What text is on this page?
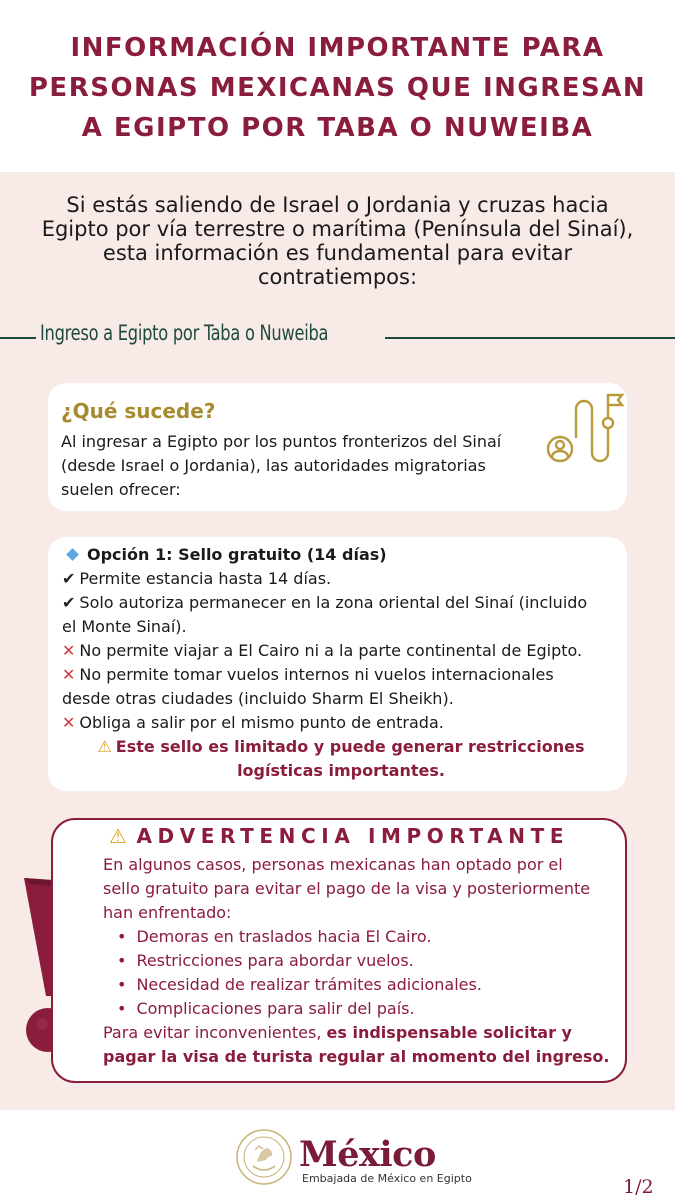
INFORMACIÓN IMPORTANTE PARA
PERSONAS MEXICANAS QUE INGRESAN
A EGIPTO POR TABA O NUWEIBA
Si estás saliendo de Israel o Jordania y cruzas hacia
Egipto por vía terrestre o marítima (Península del Sinaí),
esta información es fundamental para evitar
contratiempos:
Ingreso a Egipto por Taba o Nuweiba
¿Qué sucede?
Al ingresar a Egipto por los puntos fronterizos del Sinaí
(desde Israel o Jordania), las autoridades migratorias
suelen ofrecer:
Opción 1: Sello gratuito (14 días)
✔ Permite estancia hasta 14 días.
✔ Solo autoriza permanecer en la zona oriental del Sinaí (incluido
el Monte Sinaí).
✕ No permite viajar a El Cairo ni a la parte continental de Egipto.
✕ No permite tomar vuelos internos ni vuelos internacionales
desde otras ciudades (incluido Sharm El Sheikh).
✕ Obliga a salir por el mismo punto de entrada.
⚠ Este sello es limitado y puede generar restricciones
logísticas importantes.
⚠ ADVERTENCIA IMPORTANTE
En algunos casos, personas mexicanas han optado por el
sello gratuito para evitar el pago de la visa y posteriormente
han enfrentado:
• Demoras en traslados hacia El Cairo.
• Restricciones para abordar vuelos.
• Necesidad de realizar trámites adicionales.
• Complicaciones para salir del país.
Para evitar inconvenientes, es indispensable solicitar y
pagar la visa de turista regular al momento del ingreso.
México
Embajada de México en Egipto	1/2
